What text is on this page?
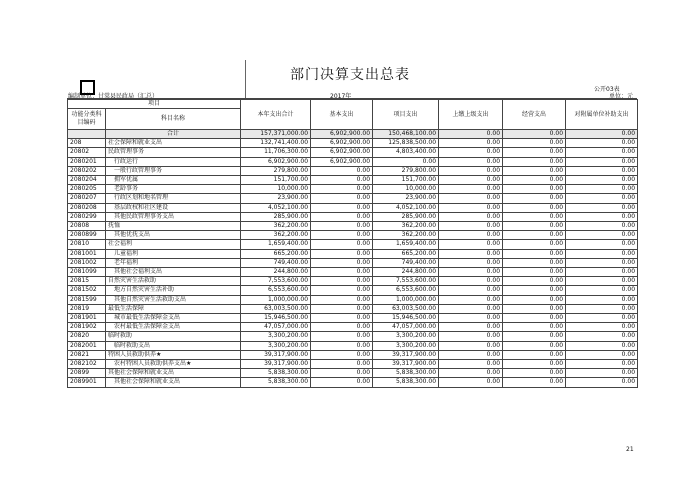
部门决算支出总表
公开03表
单位：元
编制单位：甘棠县民政局（汇总）	2017年
项目		本年支出合计	基本支出	项目支出	上缴上级支出	经营支出	对附属单位补助支出
功能分类科目编码	科目名称						
	合计	157,371,000.00	6,902,900.00	150,468,100.00	0.00	0.00	0.00
208	社会保障和就业支出	132,741,400.00	6,902,900.00	125,838,500.00	0.00	0.00	0.00
20802	民政管理事务	11,706,300.00	6,902,900.00	4,803,400.00	0.00	0.00	0.00
2080201	　行政运行	6,902,900.00	6,902,900.00	0.00	0.00	0.00	0.00
2080202	　一般行政管理事务	279,800.00	0.00	279,800.00	0.00	0.00	0.00
2080204	　拥军优属	151,700.00	0.00	151,700.00	0.00	0.00	0.00
2080205	　老龄事务	10,000.00	0.00	10,000.00	0.00	0.00	0.00
2080207	　行政区划和地名管理	23,900.00	0.00	23,900.00	0.00	0.00	0.00
2080208	　基层政权和社区建设	4,052,100.00	0.00	4,052,100.00	0.00	0.00	0.00
2080299	　其他民政管理事务支出	285,900.00	0.00	285,900.00	0.00	0.00	0.00
20808	抚恤	362,200.00	0.00	362,200.00	0.00	0.00	0.00
2080899	　其他优抚支出	362,200.00	0.00	362,200.00	0.00	0.00	0.00
20810	社会福利	1,659,400.00	0.00	1,659,400.00	0.00	0.00	0.00
2081001	　儿童福利	665,200.00	0.00	665,200.00	0.00	0.00	0.00
2081002	　老年福利	749,400.00	0.00	749,400.00	0.00	0.00	0.00
2081099	　其他社会福利支出	244,800.00	0.00	244,800.00	0.00	0.00	0.00
20815	自然灾害生活救助	7,553,600.00	0.00	7,553,600.00	0.00	0.00	0.00
2081502	　地方自然灾害生活补助	6,553,600.00	0.00	6,553,600.00	0.00	0.00	0.00
2081599	　其他自然灾害生活救助支出	1,000,000.00	0.00	1,000,000.00	0.00	0.00	0.00
20819	最低生活保障	63,003,500.00	0.00	63,003,500.00	0.00	0.00	0.00
2081901	　城市最低生活保障金支出	15,946,500.00	0.00	15,946,500.00	0.00	0.00	0.00
2081902	　农村最低生活保障金支出	47,057,000.00	0.00	47,057,000.00	0.00	0.00	0.00
20820	临时救助	3,300,200.00	0.00	3,300,200.00	0.00	0.00	0.00
2082001	　临时救助支出	3,300,200.00	0.00	3,300,200.00	0.00	0.00	0.00
20821	特困人员救助供养★	39,317,900.00	0.00	39,317,900.00	0.00	0.00	0.00
2082102	　农村特困人员救助供养支出★	39,317,900.00	0.00	39,317,900.00	0.00	0.00	0.00
20899	其他社会保障和就业支出	5,838,300.00	0.00	5,838,300.00	0.00	0.00	0.00
2089901	　其他社会保障和就业支出	5,838,300.00	0.00	5,838,300.00	0.00	0.00	0.00
21
